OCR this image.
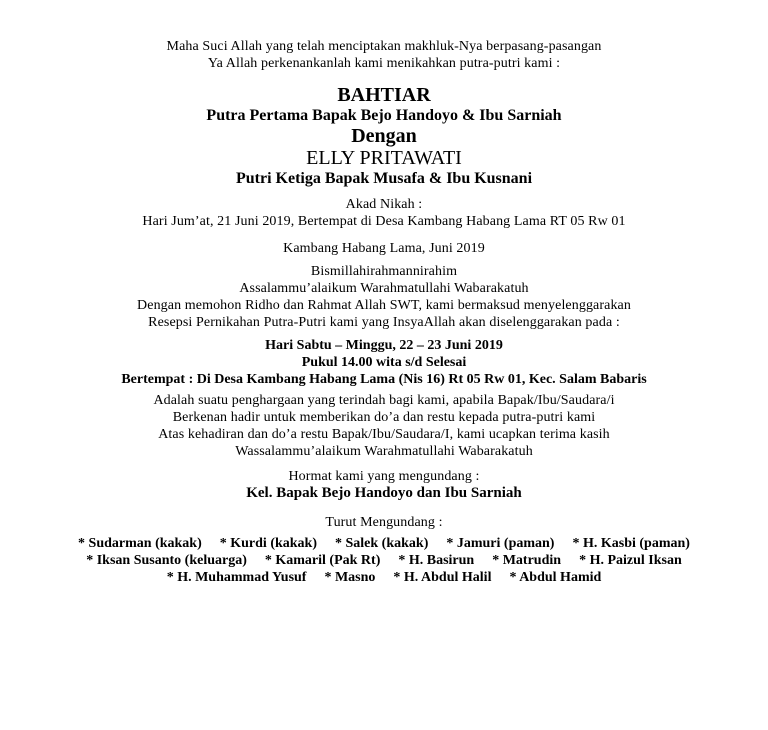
Maha Suci Allah yang telah menciptakan makhluk-Nya berpasang-pasangan
Ya Allah perkenankanlah kami menikahkan putra-putri kami :
BAHTIAR
Putra Pertama Bapak Bejo Handoyo & Ibu Sarniah
Dengan
ELLY PRITAWATI
Putri Ketiga Bapak Musafa & Ibu Kusnani
Akad Nikah :
Hari Jum’at, 21 Juni 2019, Bertempat di Desa Kambang Habang Lama RT 05 Rw 01
Kambang Habang Lama, Juni 2019
Bismillahirahmannirahim
Assalammu’alaikum Warahmatullahi Wabarakatuh
Dengan memohon Ridho dan Rahmat Allah SWT, kami bermaksud menyelenggarakan
Resepsi Pernikahan Putra-Putri kami yang InsyaAllah akan diselenggarakan pada :
Hari Sabtu – Minggu, 22 – 23 Juni 2019
Pukul 14.00 wita s/d Selesai
Bertempat : Di Desa Kambang Habang Lama (Nis 16) Rt 05 Rw 01, Kec. Salam Babaris
Adalah suatu penghargaan yang terindah bagi kami, apabila Bapak/Ibu/Saudara/i
Berkenan hadir untuk memberikan do’a dan restu kepada putra-putri kami
Atas kehadiran dan do’a restu Bapak/Ibu/Saudara/I, kami ucapkan terima kasih
Wassalammu’alaikum Warahmatullahi Wabarakatuh
Hormat kami yang mengundang :
Kel. Bapak Bejo Handoyo dan Ibu Sarniah
Turut Mengundang :
* Sudarman (kakak) * Kurdi (kakak) * Salek (kakak) * Jamuri (paman) * H. Kasbi (paman)
* Iksan Susanto (keluarga) * Kamaril (Pak Rt) * H. Basirun * Matrudin * H. Paizul Iksan
* H. Muhammad Yusuf * Masno * H. Abdul Halil * Abdul Hamid
